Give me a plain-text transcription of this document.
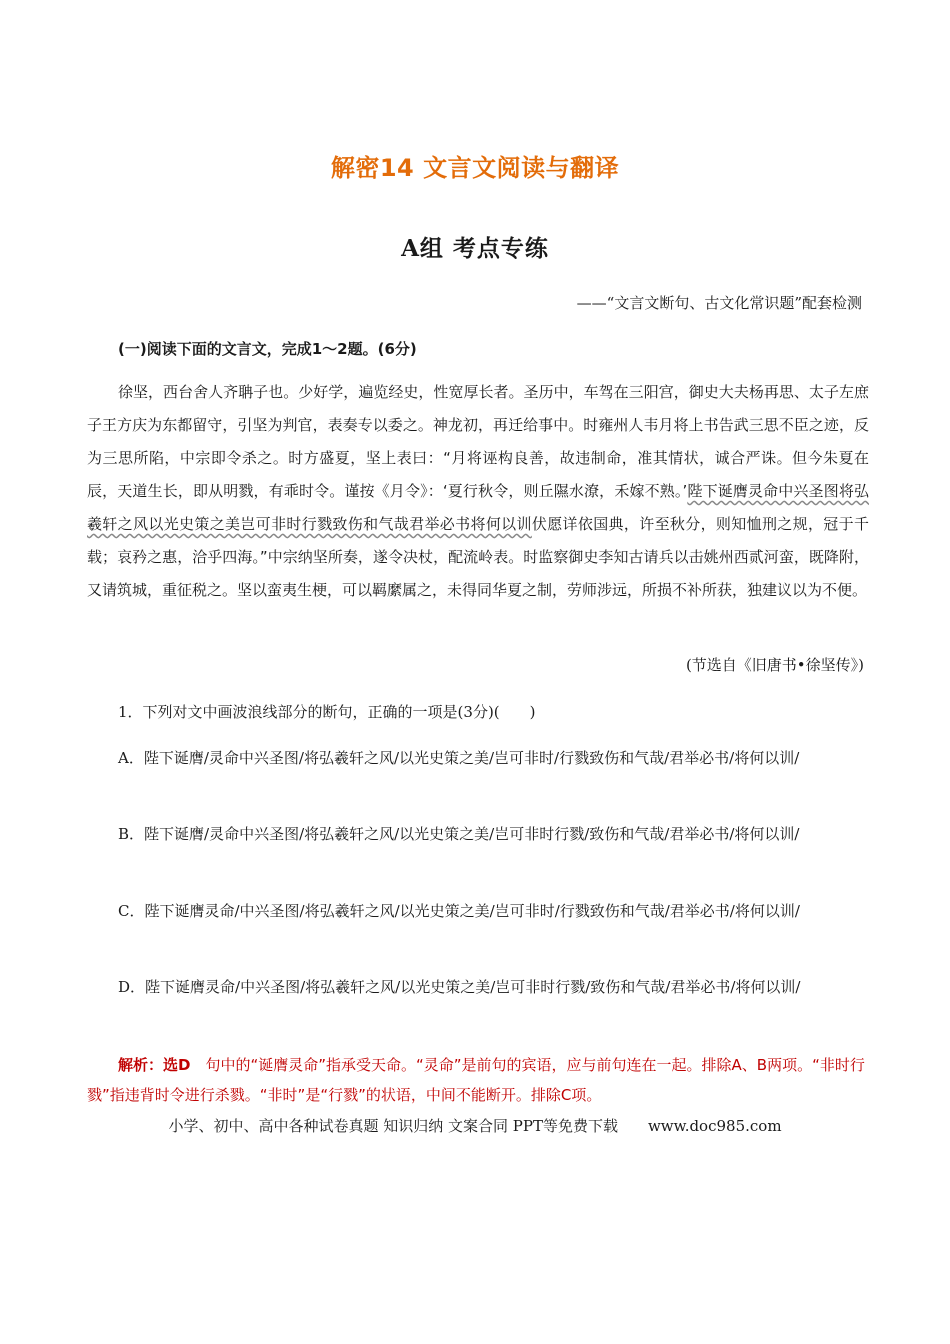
解密14 文言文阅读与翻译
A组 考点专练
——“文言文断句、古文化常识题”配套检测
(一)阅读下面的文言文，完成1～2题。(6分)

徐坚，西台舍人齐聃子也。少好学，遍览经史，性宽厚长者。圣历中，车驾在三阳宫，御史大夫杨再思、太子左庶子王方庆为东都留守，引坚为判官，表奏专以委之。神龙初，再迁给事中。时雍州人韦月将上书告武三思不臣之迹，反为三思所陷，中宗即令杀之。时方盛夏，坚上表曰：“月将诬构良善，故违制命，准其情状，诚合严诛。但今朱夏在辰，天道生长，即从明戮，有乖时令。谨按《月令》：‘夏行秋令，则丘隰水潦，禾嫁不熟。’陛下诞膺灵命中兴圣图将弘羲轩之风以光史策之美岂可非时行戮致伤和气哉君举必书将何以训伏愿详依国典，许至秋分，则知恤刑之规，冠于千载；哀矜之惠，洽乎四海。”中宗纳坚所奏，遂令决杖，配流岭表。时监察御史李知古请兵以击姚州西贰河蛮，既降附，又请筑城，重征税之。坚以蛮夷生梗，可以羁縻属之，未得同华夏之制，劳师涉远，所损不补所获，独建议以为不便。

(节选自《旧唐书•徐坚传》)
1．下列对文中画波浪线部分的断句，正确的一项是(3分)(　　)

A．陛下诞膺/灵命中兴圣图/将弘羲轩之风/以光史策之美/岂可非时/行戮致伤和气哉/君举必书/将何以训/

B．陛下诞膺/灵命中兴圣图/将弘羲轩之风/以光史策之美/岂可非时行戮/致伤和气哉/君举必书/将何以训/

C．陛下诞膺灵命/中兴圣图/将弘羲轩之风/以光史策之美/岂可非时/行戮致伤和气哉/君举必书/将何以训/

D．陛下诞膺灵命/中兴圣图/将弘羲轩之风/以光史策之美/岂可非时行戮/致伤和气哉/君举必书/将何以训/

解析：选D　句中的“诞膺灵命”指承受天命。“灵命”是前句的宾语，应与前句连在一起。排除A、B两项。“非时行戮”指违背时令进行杀戮。“非时”是“行戮”的状语，中间不能断开。排除C项。

小学、初中、高中各种试卷真题 知识归纳 文案合同 PPT等免费下载　　www.doc985.com
